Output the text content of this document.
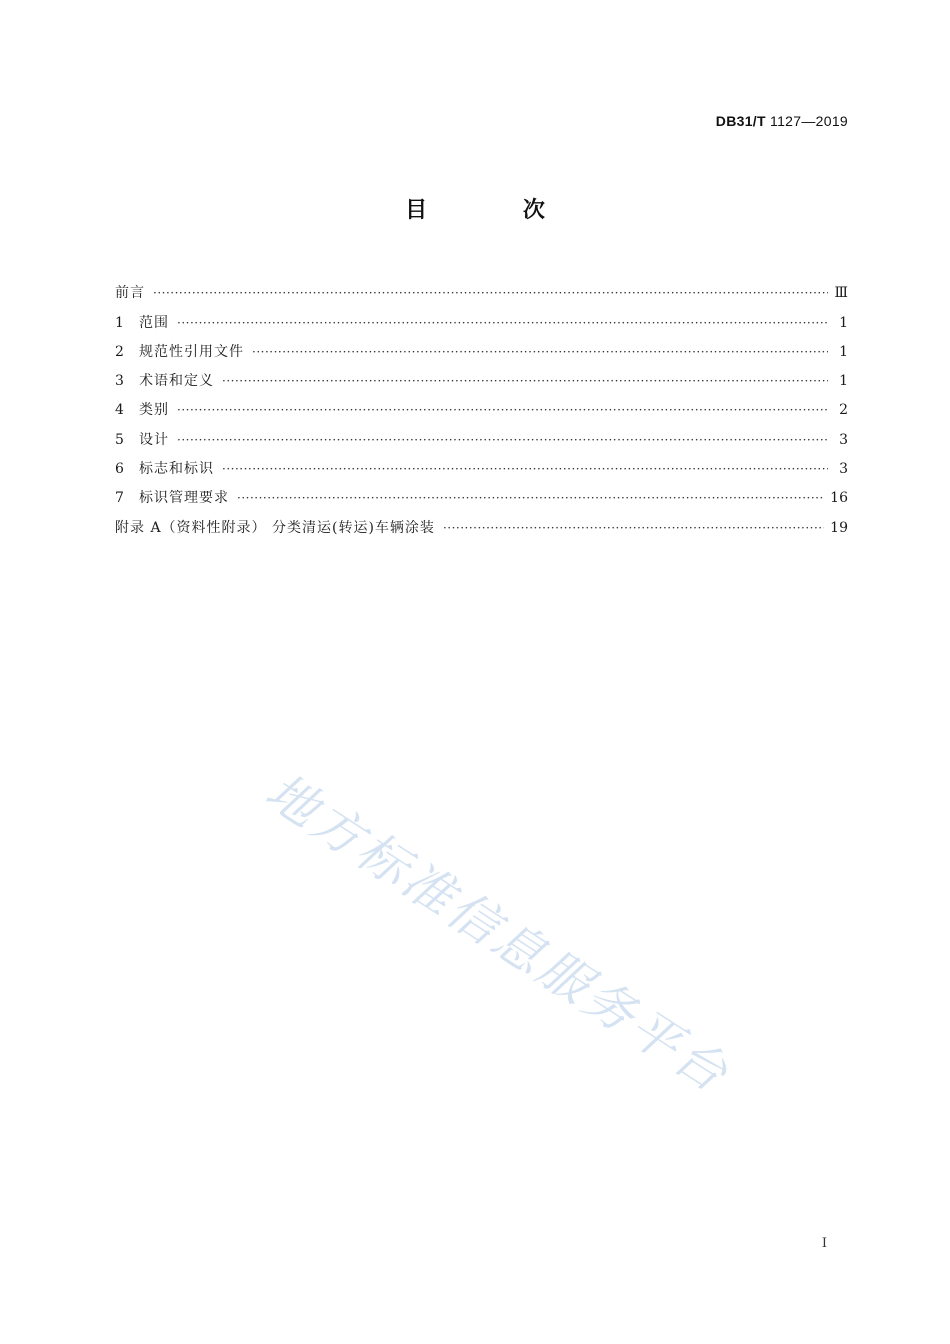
DB31/T 1127—2019
目 次
前言 ·····	Ⅲ
1	范围 ·····	1
2	规范性引用文件 ·····	1
3	术语和定义 ·····	1
4	类别 ·····	2
5	设计 ·····	3
6	标志和标识 ·····	3
7	标识管理要求 ·····	16
附录 A（资料性附录） 分类清运(转运)车辆涂装 ·····	19
地方标准信息服务平台
I
